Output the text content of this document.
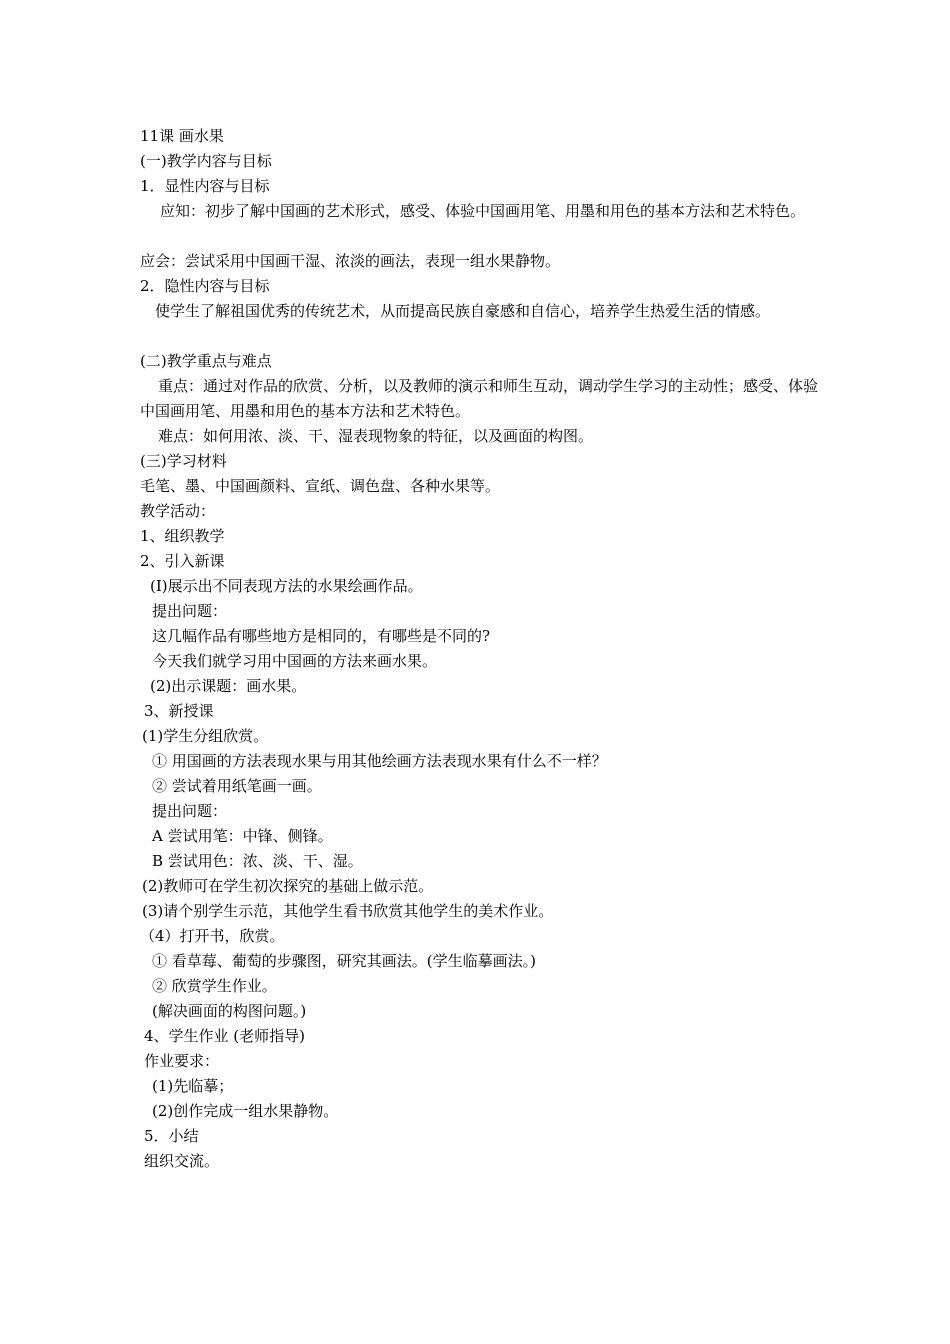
11课 画水果
(一)教学内容与目标
1．显性内容与目标
应知：初步了解中国画的艺术形式，感受、体验中国画用笔、用墨和用色的基本方法和艺术特色。
应会：尝试采用中国画干湿、浓淡的画法，表现一组水果静物。
2．隐性内容与目标
使学生了解祖国优秀的传统艺术，从而提高民族自豪感和自信心，培养学生热爱生活的情感。
(二)教学重点与难点
重点：通过对作品的欣赏、分析，以及教师的演示和师生互动，调动学生学习的主动性；感受、体验中国画用笔、用墨和用色的基本方法和艺术特色。
难点：如何用浓、淡、干、湿表现物象的特征，以及画面的构图。
(三)学习材料
毛笔、墨、中国画颜料、宣纸、调色盘、各种水果等。
教学活动：
1、组织教学
2、引入新课
(I)展示出不同表现方法的水果绘画作品。
提出问题：
这几幅作品有哪些地方是相同的，有哪些是不同的?
今天我们就学习用中国画的方法来画水果。
(2)出示课题：画水果。
3、新授课
(1)学生分组欣赏。
① 用国画的方法表现水果与用其他绘画方法表现水果有什么不一样？
② 尝试着用纸笔画一画。
提出问题：
A 尝试用笔：中锋、侧锋。
B 尝试用色：浓、淡、干、湿。
(2)教师可在学生初次探究的基础上做示范。
(3)请个别学生示范，其他学生看书欣赏其他学生的美术作业。
（4）打开书，欣赏。
① 看草莓、葡萄的步骤图，研究其画法。(学生临摹画法。)
② 欣赏学生作业。
(解决画面的构图问题。)
4、学生作业 (老师指导)
作业要求：
(1)先临摹；
(2)创作完成一组水果静物。
5．小结
组织交流。
